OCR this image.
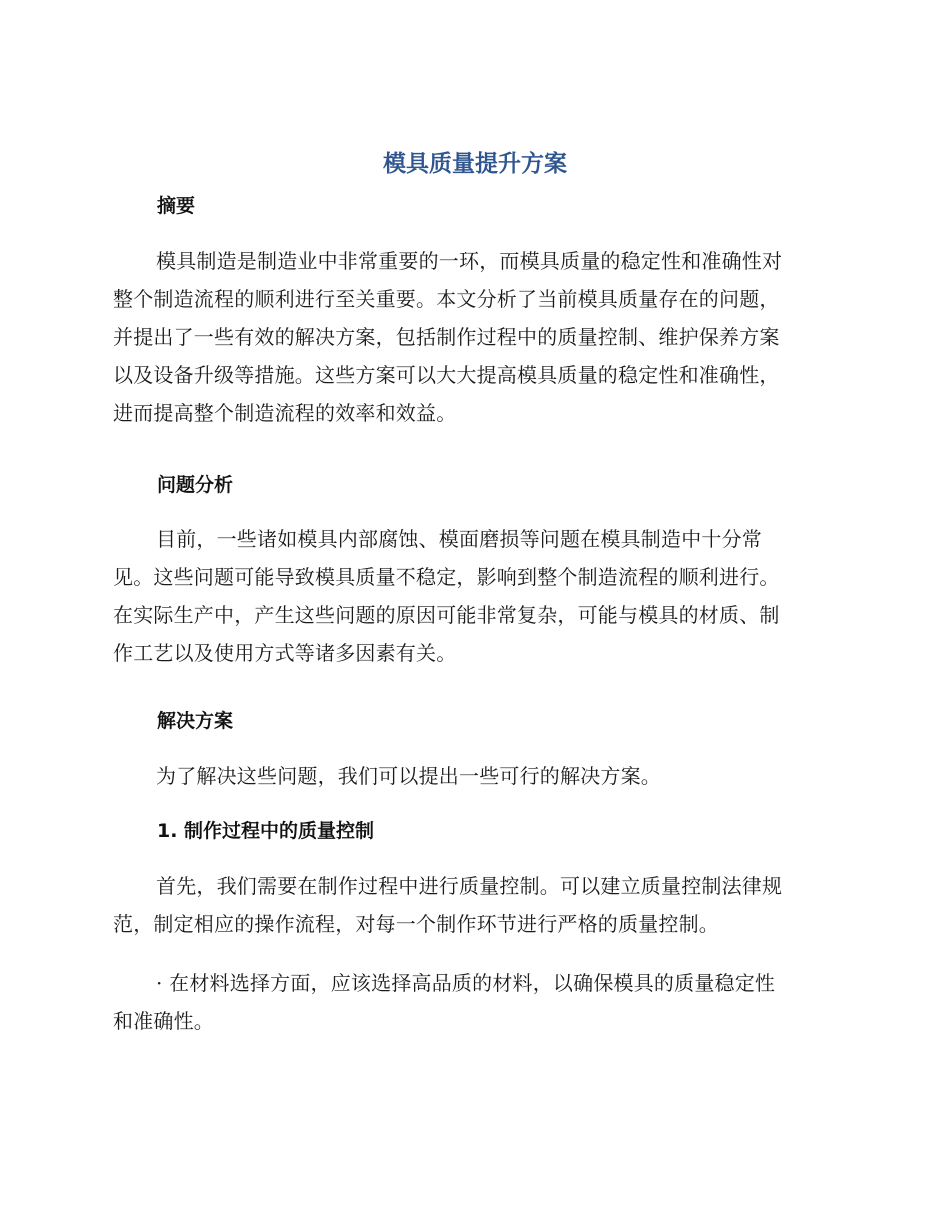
模具质量提升方案
摘要

模具制造是制造业中非常重要的一环，而模具质量的稳定性和准确性对
整个制造流程的顺利进行至关重要。本文分析了当前模具质量存在的问题，
并提出了一些有效的解决方案，包括制作过程中的质量控制、维护保养方案
以及设备升级等措施。这些方案可以大大提高模具质量的稳定性和准确性，
进而提高整个制造流程的效率和效益。

问题分析

目前，一些诸如模具内部腐蚀、模面磨损等问题在模具制造中十分常
见。这些问题可能导致模具质量不稳定，影响到整个制造流程的顺利进行。
在实际生产中，产生这些问题的原因可能非常复杂，可能与模具的材质、制
作工艺以及使用方式等诸多因素有关。

解决方案

为了解决这些问题，我们可以提出一些可行的解决方案。

1. 制作过程中的质量控制

首先，我们需要在制作过程中进行质量控制。可以建立质量控制法律规
范，制定相应的操作流程，对每一个制作环节进行严格的质量控制。

· 在材料选择方面，应该选择高品质的材料，以确保模具的质量稳定性
和准确性。
